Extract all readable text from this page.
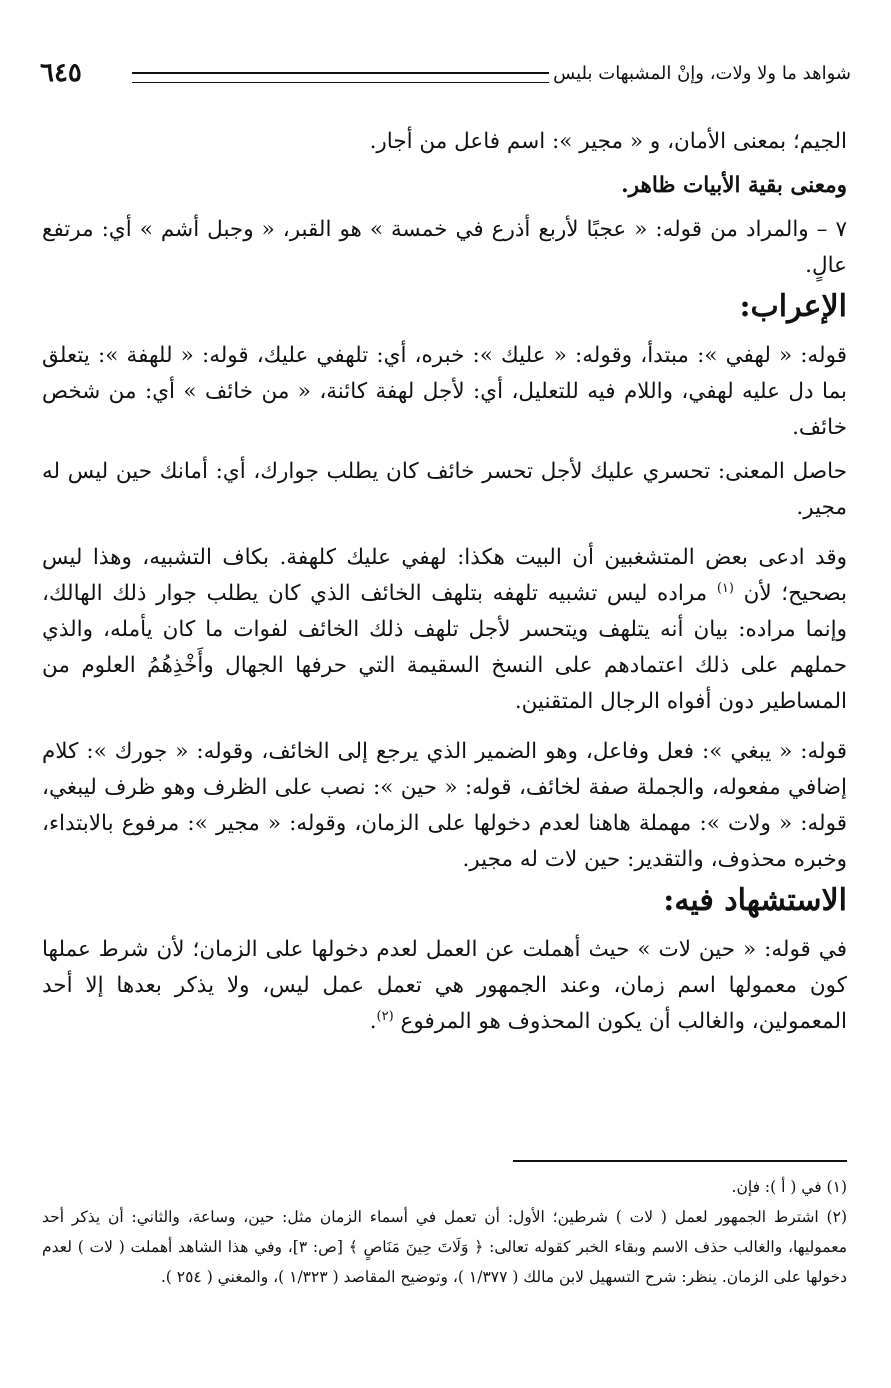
٦٤٥	شواهد ما ولا ولات، وإنْ المشبهات بليس

الجيم؛ بمعنى الأمان، و « مجير »: اسم فاعل من أجار.

ومعنى بقية الأبيات ظاهر.

٧ – والمراد من قوله: « عجبًا لأربع أذرع في خمسة » هو القبر، « وجبل أشم » أي: مرتفع عالٍ.

الإعراب:

قوله: « لهفي »: مبتدأ، وقوله: « عليك »: خبره، أي: تلهفي عليك، قوله: « للهفة »: يتعلق بما دل عليه لهفي، واللام فيه للتعليل، أي: لأجل لهفة كائنة، « من خائف » أي: من شخص خائف.

حاصل المعنى: تحسري عليك لأجل تحسر خائف كان يطلب جوارك، أي: أمانك حين ليس له مجير.

وقد ادعى بعض المتشغبين أن البيت هكذا: لهفي عليك كلهفة. بكاف التشبيه، وهذا ليس بصحيح؛ لأن $^{(١)}$ مراده ليس تشبيه تلهفه بتلهف الخائف الذي كان يطلب جوار ذلك الهالك، وإنما مراده: بيان أنه يتلهف ويتحسر لأجل تلهف ذلك الخائف لفوات ما كان يأمله، والذي حملهم على ذلك اعتمادهم على النسخ السقيمة التي حرفها الجهال وأَخْذِهُمُ العلوم من المساطير دون أفواه الرجال المتقنين.

قوله: « يبغي »: فعل وفاعل، وهو الضمير الذي يرجع إلى الخائف، وقوله: « جورك »: كلام إضافي مفعوله، والجملة صفة لخائف، قوله: « حين »: نصب على الظرف وهو ظرف ليبغي، قوله: « ولات »: مهملة هاهنا لعدم دخولها على الزمان، وقوله: « مجير »: مرفوع بالابتداء، وخبره محذوف، والتقدير: حين لات له مجير.

الاستشهاد فيه:

في قوله: « حين لات » حيث أهملت عن العمل لعدم دخولها على الزمان؛ لأن شرط عملها كون معمولها اسم زمان، وعند الجمهور هي تعمل عمل ليس، ولا يذكر بعدها إلا أحد المعمولين، والغالب أن يكون المحذوف هو المرفوع $^{(٢)}$.

(١) في ( أ ): فإن.

(٢) اشترط الجمهور لعمل ( لات ) شرطين؛ الأول: أن تعمل في أسماء الزمان مثل: حين، وساعة، والثاني: أن يذكر أحد معموليها، والغالب حذف الاسم وبقاء الخبر كقوله تعالى: ﴿ وَلَاتَ حِينَ مَنَاصٍ ﴾ [ص: ٣]، وفي هذا الشاهد أهملت ( لات ) لعدم دخولها على الزمان. ينظر: شرح التسهيل لابن مالك ( ١/٣٧٧ )، وتوضيح المقاصد ( ١/٣٢٣ )، والمغني ( ٢٥٤ ).
